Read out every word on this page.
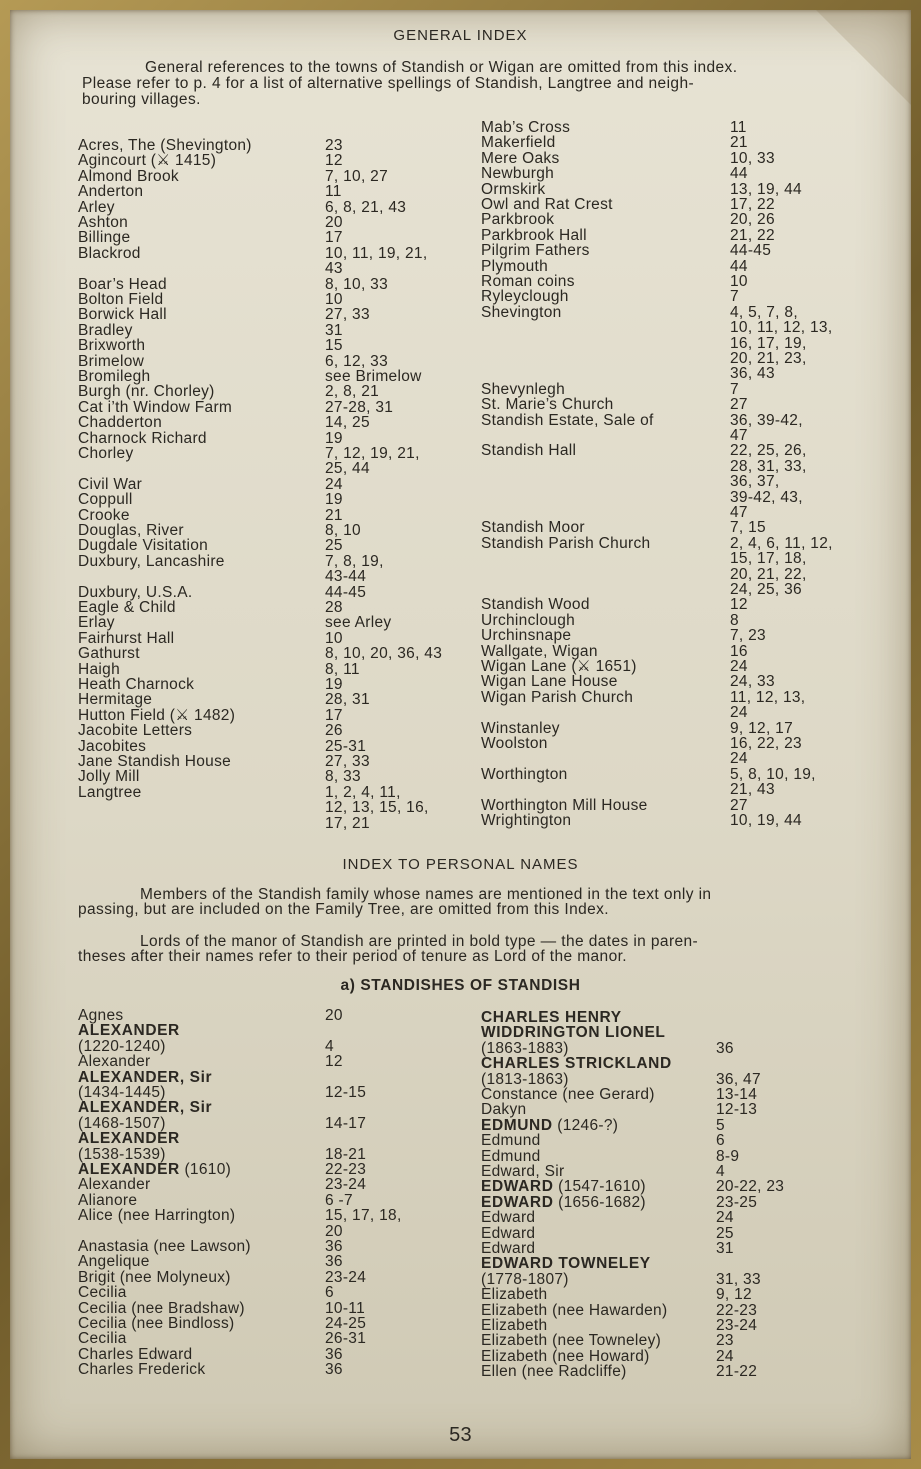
GENERAL INDEX
General references to the towns of Standish or Wigan are omitted from this index.
Please refer to p. 4 for a list of alternative spellings of Standish, Langtree and neigh-
bouring villages.
Acres, The (Shevington)	23
Agincourt (⚔ 1415)	12
Almond Brook	7, 10, 27
Anderton	11
Arley	6, 8, 21, 43
Ashton	20
Billinge	17
Blackrod	10, 11, 19, 21,
43
Boar’s Head	8, 10, 33
Bolton Field	10
Borwick Hall	27, 33
Bradley	31
Brixworth	15
Brimelow	6, 12, 33
Bromilegh	see Brimelow
Burgh (nr. Chorley)	2, 8, 21
Cat i’th Window Farm	27-28, 31
Chadderton	14, 25
Charnock Richard	19
Chorley	7, 12, 19, 21,
25, 44
Civil War	24
Coppull	19
Crooke	21
Douglas, River	8, 10
Dugdale Visitation	25
Duxbury, Lancashire	7, 8, 19,
43-44
Duxbury, U.S.A.	44-45
Eagle & Child	28
Erlay	see Arley
Fairhurst Hall	10
Gathurst	8, 10, 20, 36, 43
Haigh	8, 11
Heath Charnock	19
Hermitage	28, 31
Hutton Field (⚔ 1482)	17
Jacobite Letters	26
Jacobites	25-31
Jane Standish House	27, 33
Jolly Mill	8, 33
Langtree	1, 2, 4, 11,
12, 13, 15, 16,
17, 21
Mab’s Cross	11
Makerfield	21
Mere Oaks	10, 33
Newburgh	44
Ormskirk	13, 19, 44
Owl and Rat Crest	17, 22
Parkbrook	20, 26
Parkbrook Hall	21, 22
Pilgrim Fathers	44-45
Plymouth	44
Roman coins	10
Ryleyclough	7
Shevington	4, 5, 7, 8,
10, 11, 12, 13,
16, 17, 19,
20, 21, 23,
36, 43
Shevynlegh	7
St. Marie’s Church	27
Standish Estate, Sale of	36, 39-42,
47
Standish Hall	22, 25, 26,
28, 31, 33,
36, 37,
39-42, 43,
47
Standish Moor	7, 15
Standish Parish Church	2, 4, 6, 11, 12,
15, 17, 18,
20, 21, 22,
24, 25, 36
Standish Wood	12
Urchinclough	8
Urchinsnape	7, 23
Wallgate, Wigan	16
Wigan Lane (⚔ 1651)	24
Wigan Lane House	24, 33
Wigan Parish Church	11, 12, 13,
24
Winstanley	9, 12, 17
Woolston	16, 22, 23
24
Worthington	5, 8, 10, 19,
21, 43
Worthington Mill House	27
Wrightington	10, 19, 44
INDEX TO PERSONAL NAMES
Members of the Standish family whose names are mentioned in the text only in
passing, but are included on the Family Tree, are omitted from this Index.
Lords of the manor of Standish are printed in bold type — the dates in paren-
theses after their names refer to their period of tenure as Lord of the manor.
a) STANDISHES OF STANDISH
Agnes	20
ALEXANDER
(1220-1240)	4
Alexander	12
ALEXANDER, Sir
(1434-1445)	12-15
ALEXANDER, Sir
(1468-1507)	14-17
ALEXANDER
(1538-1539)	18-21
ALEXANDER (1610)	22-23
Alexander	23-24
Alianore	6 -7
Alice (nee Harrington)	15, 17, 18,
20
Anastasia (nee Lawson)	36
Angelique	36
Brigit (nee Molyneux)	23-24
Cecilia	6
Cecilia (nee Bradshaw)	10-11
Cecilia (nee Bindloss)	24-25
Cecilia	26-31
Charles Edward	36
Charles Frederick	36
CHARLES HENRY
WIDDRINGTON LIONEL
(1863-1883)	36
CHARLES STRICKLAND
(1813-1863)	36, 47
Constance (nee Gerard)	13-14
Dakyn	12-13
EDMUND (1246-?)	5
Edmund	6
Edmund	8-9
Edward, Sir	4
EDWARD (1547-1610)	20-22, 23
EDWARD (1656-1682)	23-25
Edward	24
Edward	25
Edward	31
EDWARD TOWNELEY
(1778-1807)	31, 33
Elizabeth	9, 12
Elizabeth (nee Hawarden)	22-23
Elizabeth	23-24
Elizabeth (nee Towneley)	23
Elizabeth (nee Howard)	24
Ellen (nee Radcliffe)	21-22
53
